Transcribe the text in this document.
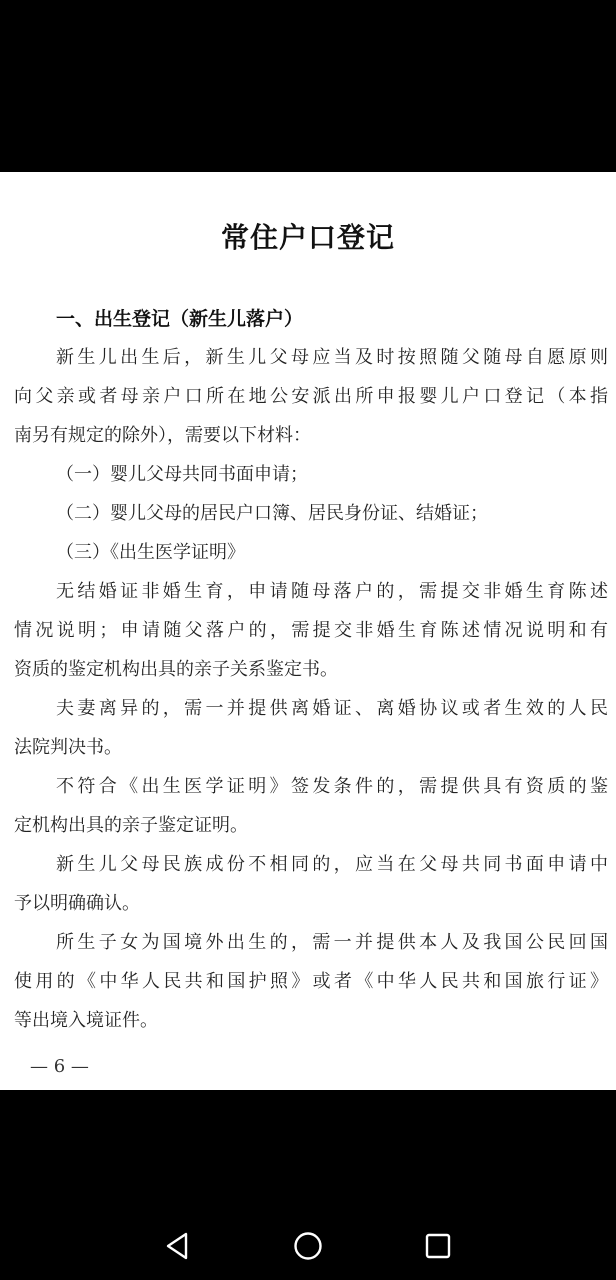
常住户口登记
一、出生登记（新生儿落户）
新生儿出生后，新生儿父母应当及时按照随父随母自愿原则
向父亲或者母亲户口所在地公安派出所申报婴儿户口登记（本指
南另有规定的除外），需要以下材料：
（一）婴儿父母共同书面申请；
（二）婴儿父母的居民户口簿、居民身份证、结婚证；
（三）《出生医学证明》
无结婚证非婚生育，申请随母落户的，需提交非婚生育陈述
情况说明；申请随父落户的，需提交非婚生育陈述情况说明和有
资质的鉴定机构出具的亲子关系鉴定书。
夫妻离异的，需一并提供离婚证、离婚协议或者生效的人民
法院判决书。
不符合《出生医学证明》签发条件的，需提供具有资质的鉴
定机构出具的亲子鉴定证明。
新生儿父母民族成份不相同的，应当在父母共同书面申请中
予以明确确认。
所生子女为国境外出生的，需一并提供本人及我国公民回国
使用的《中华人民共和国护照》或者《中华人民共和国旅行证》
等出境入境证件。
— 6 —
